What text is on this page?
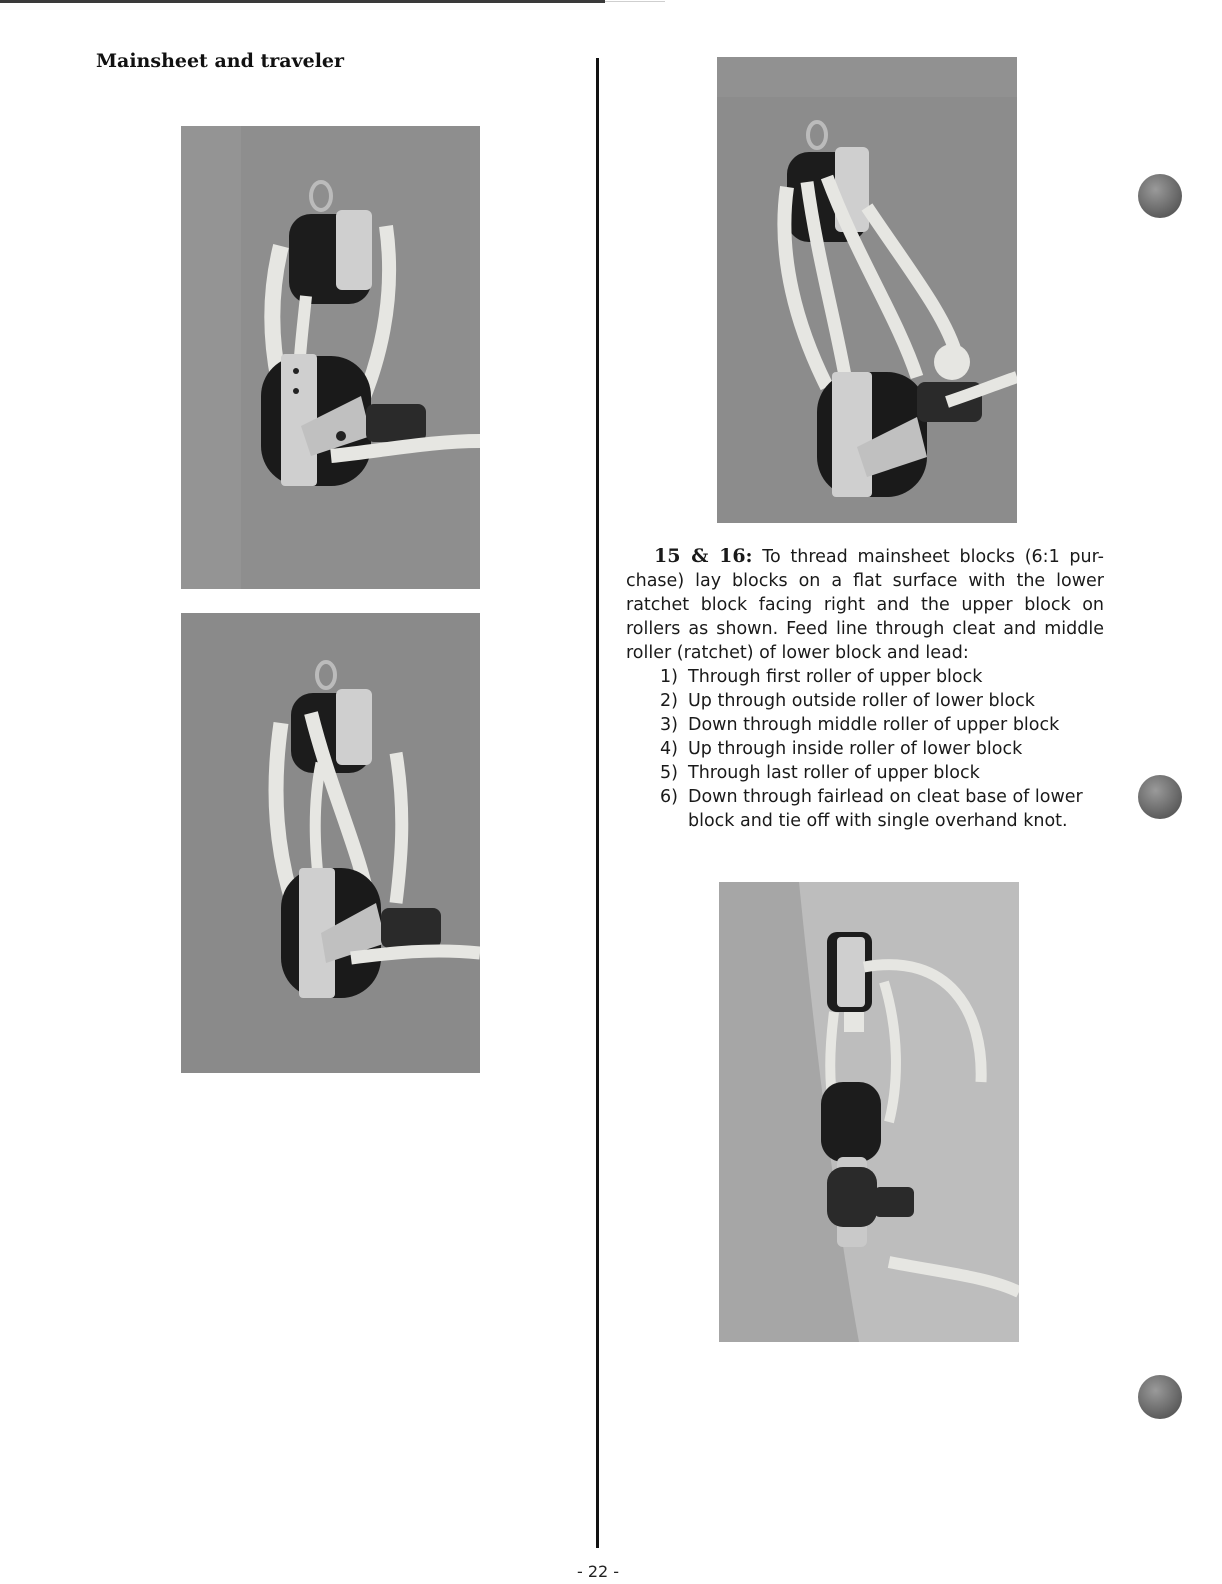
Mainsheet and traveler

15 & 16: To thread mainsheet blocks (6:1 pur-chase) lay blocks on a flat surface with the lower ratchet block facing right and the upper block on rollers as shown. Feed line through cleat and middle roller (ratchet) of lower block and lead:

1) Through first roller of upper block
2) Up through outside roller of lower block
3) Down through middle roller of upper block
4) Up through inside roller of lower block
5) Through last roller of upper block
6) Down through fairlead on cleat base of lower block and tie off with single overhand knot.
- 22 -
